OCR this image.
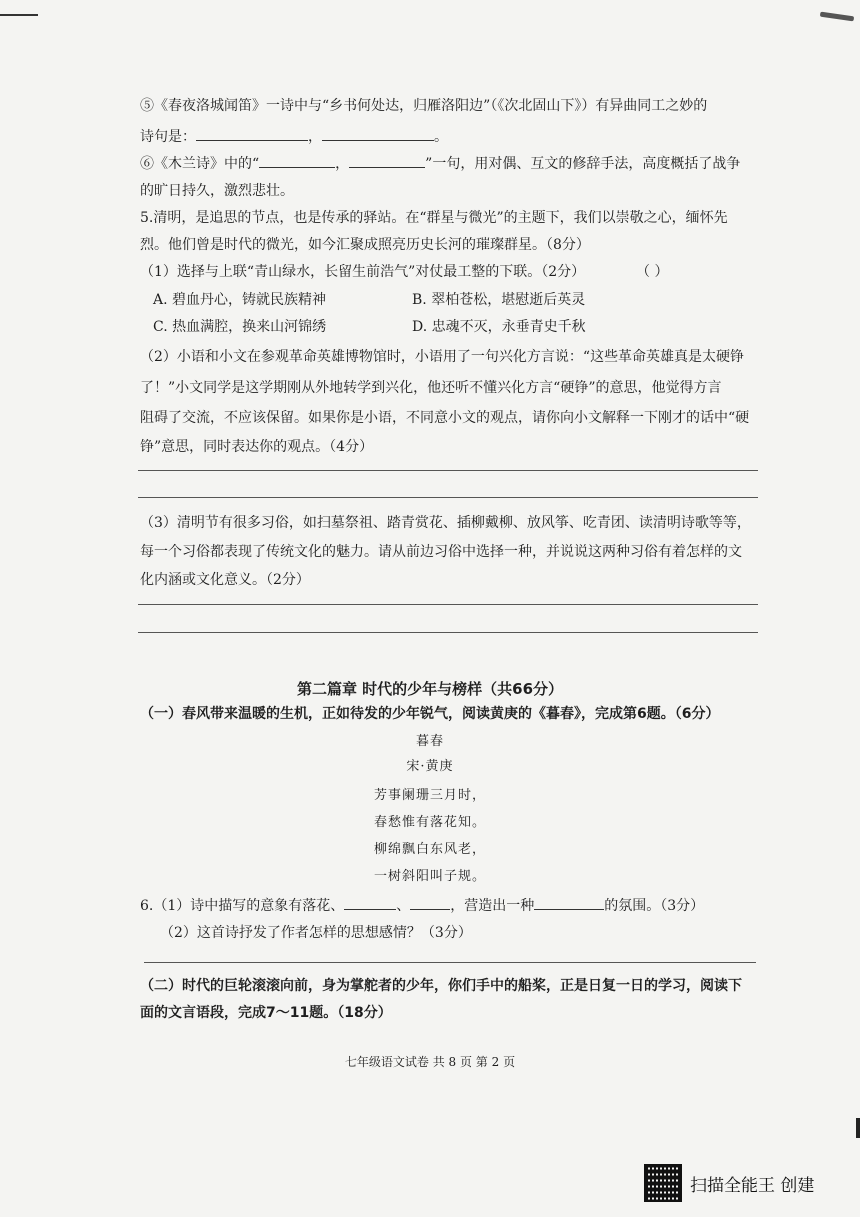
⑤《春夜洛城闻笛》一诗中与“乡书何处达，归雁洛阳边”（《次北固山下》）有异曲同工之妙的
诗句是：	，	。
⑥《木兰诗》中的“	，	”一句，用对偶、互文的修辞手法，高度概括了战争
的旷日持久，激烈悲壮。
5.清明，是追思的节点，也是传承的驿站。在“群星与微光”的主题下，我们以崇敬之心，缅怀先
烈。他们曾是时代的微光，如今汇聚成照亮历史长河的璀璨群星。（8分）
（1）选择与上联“青山绿水，长留生前浩气”对仗最工整的下联。（2分）	（ ）
A. 碧血丹心，铸就民族精神	B. 翠柏苍松，堪慰逝后英灵
C. 热血满腔，换来山河锦绣	D. 忠魂不灭，永垂青史千秋
（2）小语和小文在参观革命英雄博物馆时，小语用了一句兴化方言说：“这些革命英雄真是太硬铮
了！”小文同学是这学期刚从外地转学到兴化，他还听不懂兴化方言“硬铮”的意思，他觉得方言
阻碍了交流，不应该保留。如果你是小语，不同意小文的观点，请你向小文解释一下刚才的话中“硬
铮”意思，同时表达你的观点。（4分）
（3）清明节有很多习俗，如扫墓祭祖、踏青赏花、插柳戴柳、放风筝、吃青团、读清明诗歌等等，
每一个习俗都表现了传统文化的魅力。请从前边习俗中选择一种，并说说这两种习俗有着怎样的文
化内涵或文化意义。（2分）
第二篇章 时代的少年与榜样（共66分）
（一）春风带来温暖的生机，正如待发的少年锐气，阅读黄庚的《暮春》，完成第6题。（6分）
暮春
宋·黄庚
芳事阑珊三月时，
春愁惟有落花知。
柳绵飘白东风老，
一树斜阳叫子规。
6.（1）诗中描写的意象有落花、	、	，营造出一种	的氛围。（3分）
（2）这首诗抒发了作者怎样的思想感情？（3分）
（二）时代的巨轮滚滚向前，身为掌舵者的少年，你们手中的船桨，正是日复一日的学习，阅读下
面的文言语段，完成7～11题。（18分）
七年级语文试卷 共 8 页 第 2 页
扫描全能王 创建
